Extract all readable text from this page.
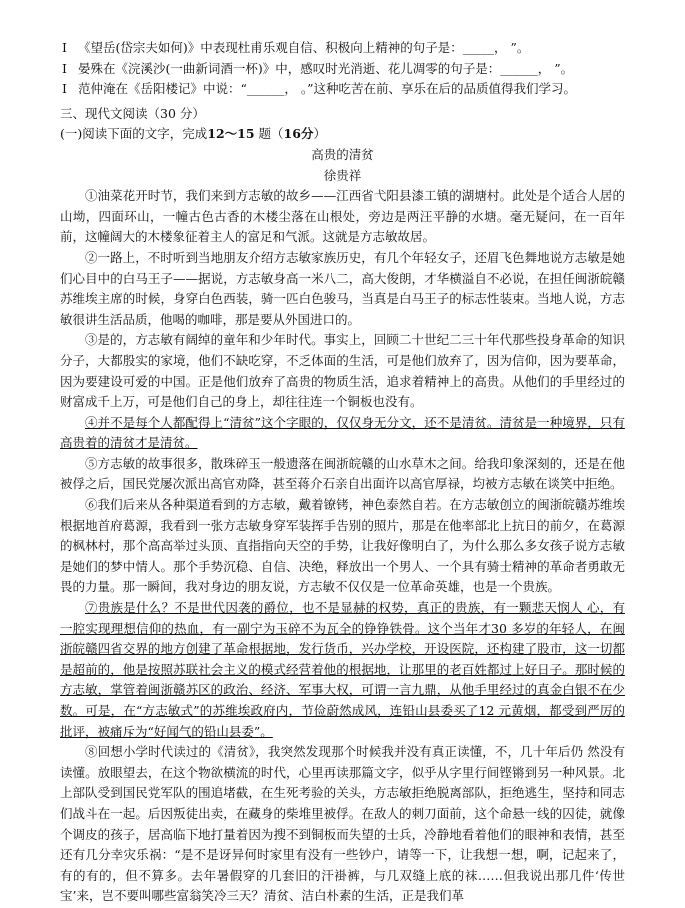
I 《望岳(岱宗夫如何)》中表现杜甫乐观自信、积极向上精神的句子是：_____， ”。
I 晏殊在《浣溪沙(一曲新词酒一杯)》中，感叹时光消逝、花儿凋零的句子是：______， ”。
I 范仲淹在《岳阳楼记》中说：“______， 。”这种吃苦在前、享乐在后的品质值得我们学习。
三、现代文阅读（30 分）
(一)阅读下面的文字，完成12～15 题（16分）
高贵的清贫
徐贵祥

①油菜花开时节，我们来到方志敏的故乡——江西省弋阳县漆工镇的湖塘村。此处是个适合人居的山坳，四面环山，一幢古色古香的木楼尘落在山根处，旁边是两汪平静的水塘。毫无疑问，在一百年前，这幢阔大的木楼象征着主人的富足和气派。这就是方志敏故居。

②一路上，不时听到当地朋友介绍方志敏家族历史，有几个年轻女子，还眉飞色舞地说方志敏是她们心目中的白马王子——据说，方志敏身高一米八二，高大俊朗，才华横溢自不必说，在担任闽浙皖赣苏维埃主席的时候，身穿白色西装，骑一匹白色骏马，当真是白马王子的标志性装束。当地人说，方志敏很讲生活品质，他喝的咖啡，那是要从外国进口的。

③是的，方志敏有阔绰的童年和少年时代。事实上，回顾二十世纪二三十年代那些投身革命的知识分子，大都殷实的家境，他们不缺吃穿，不乏体面的生活，可是他们放弃了，因为信仰，因为要革命，因为要建设可爱的中国。正是他们放弃了高贵的物质生活，追求着精神上的高贵。从他们的手里经过的财富成千上万，可是他们自己的身上，却往往连一个铜板也没有。

④并不是每个人都配得上“清贫”这个字眼的，仅仅身无分文，还不是清贫。清贫是一种境界，只有高贵着的清贫才是清贫。

⑤方志敏的故事很多，散珠碎玉一般遗落在闽浙皖赣的山水草木之间。给我印象深刻的，还是在他被俘之后，国民党屡次派出高官劝降，甚至蒋介石亲自出面许以高官厚禄，均被方志敏在谈笑中拒绝。

⑥我们后来从各种渠道看到的方志敏，戴着镣铐，神色泰然自若。在方志敏创立的闽浙皖赣苏维埃根据地首府葛源，我看到一张方志敏身穿军装挥手告别的照片，那是在他率部北上抗日的前夕，在葛源的枫林村，那个高高举过头顶、直指指向天空的手势，让我好像明白了，为什么那么多女孩子说方志敏是她们的梦中情人。那个手势沉稳、自信、决绝，释放出一个男人、一个具有骑士精神的革命者勇敢无畏的力量。那一瞬间，我对身边的朋友说，方志敏不仅仅是一位革命英雄，也是一个贵族。

⑦贵族是什么？不是世代因袭的爵位，也不是显赫的权势，真正的贵族，有一颗悲天悯人 心，有一腔实现理想信仰的热血，有一副宁为玉碎不为瓦全的铮铮铁骨。这个当年才30 多岁的年轻人，在闽浙皖赣四省交界的地方创建了革命根据地，发行货币，兴办学校，开设医院，还构建了股市，这一切都是超前的，他是按照苏联社会主义的模式经营着他的根据地，让那里的老百姓都过上好日子。那时候的方志敏，掌管着闽浙赣苏区的政治、经济、军事大权，可谓一言九鼎，从他手里经过的真金白银不在少数。可是，在“方志敏式”的苏维埃政府内，节俭蔚然成风，连铅山县委买了12 元黄烟，都受到严厉的批评，被痛斥为“好闻气的铅山县委”。

⑧回想小学时代读过的《清贫》，我突然发现那个时候我并没有真正读懂，不，几十年后仍 然没有读懂。放眼望去，在这个物欲横流的时代，心里再读那篇文字，似乎从字里行间铿锵到另一种风景。北上部队受到国民党军队的围追堵截，在生死考验的关头，方志敏拒绝脱离部队，拒绝逃生，坚持和同志们战斗在一起。后因叛徒出卖，在藏身的柴堆里被俘。在敌人的刺刀面前，这个命悬一线的囚徒，就像个调皮的孩子，居高临下地打量着因为搜不到铜板而失望的士兵，冷静地看着他们的眼神和表情，甚至还有几分幸灾乐祸：“是不是讶异何时家里有没有一些钞户，请等一下，让我想一想，啊，记起来了，有的有的，但不算多。去年暑假穿的几套旧的汗褂裤，与几双缝上底的袜……但我说出那几件‘传世宝’来，岂不要叫哪些富翁笑冷三天？清贫、洁白朴素的生活，正是我们革
